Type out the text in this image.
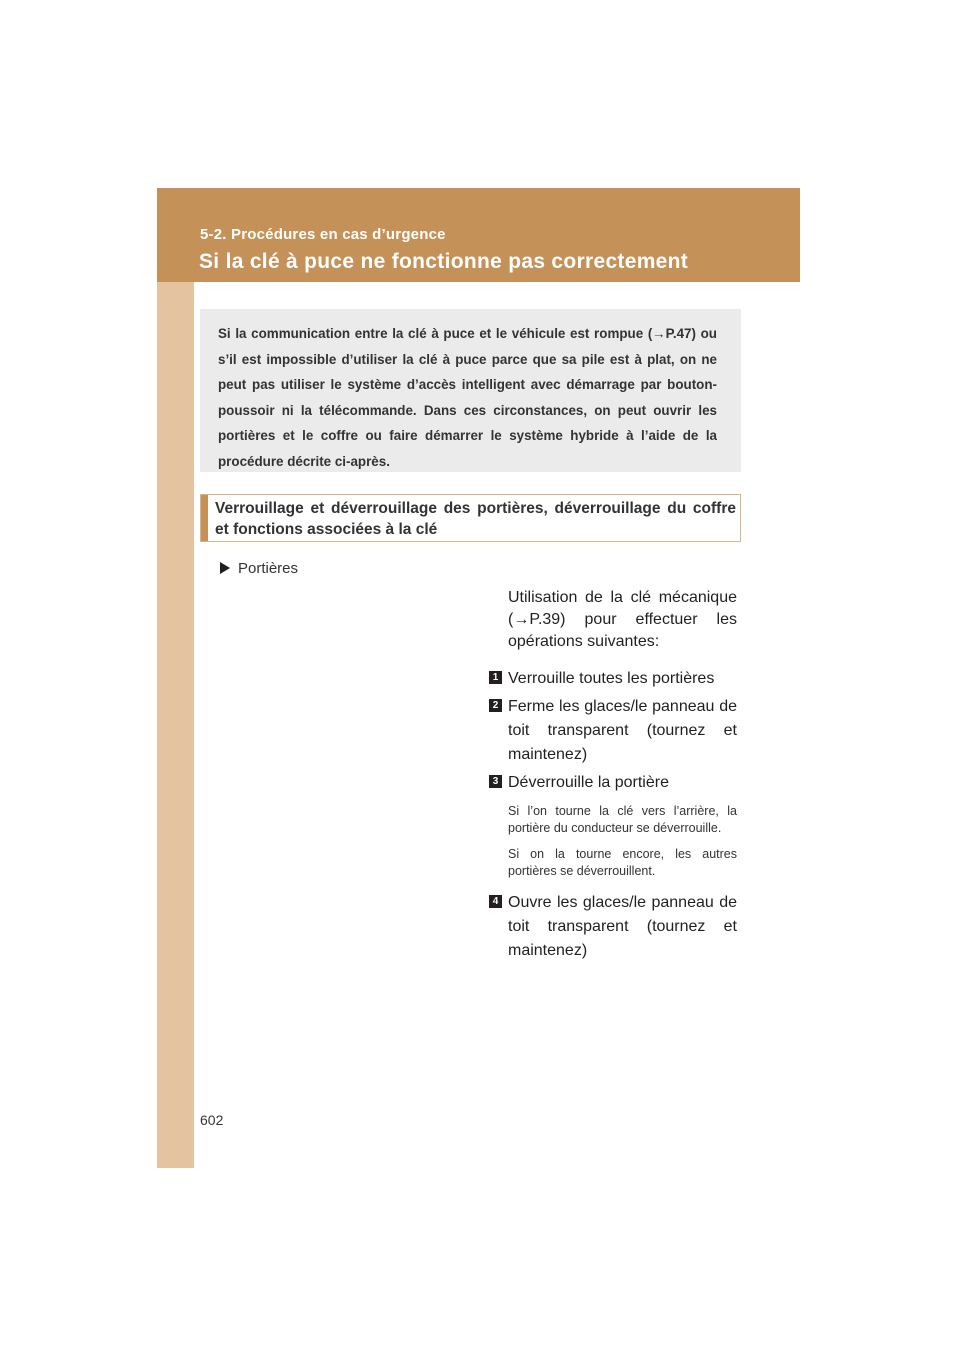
5-2. Procédures en cas d’urgence
Si la clé à puce ne fonctionne pas correctement

Si la communication entre la clé à puce et le véhicule est rompue (→P.47) ou s’il est impossible d’utiliser la clé à puce parce que sa pile est à plat, on ne peut pas utiliser le système d’accès intelligent avec démarrage par bouton-poussoir ni la télécommande. Dans ces circonstances, on peut ouvrir les portières et le coffre ou faire démarrer le système hybride à l’aide de la procédure décrite ci-après.

Verrouillage et déverrouillage des portières, déverrouillage du coffre et fonctions associées à la clé
Portières

Utilisation de la clé mécanique (→P.39) pour effectuer les opérations suivantes:

1 Verrouille toutes les portières

2 Ferme les glaces/le panneau de toit transparent (tournez et maintenez)

3 Déverrouille la portière

Si l’on tourne la clé vers l’arrière, la portière du conducteur se déverrouille.

Si on la tourne encore, les autres portières se déverrouillent.

4 Ouvre les glaces/le panneau de toit transparent (tournez et maintenez)

602
